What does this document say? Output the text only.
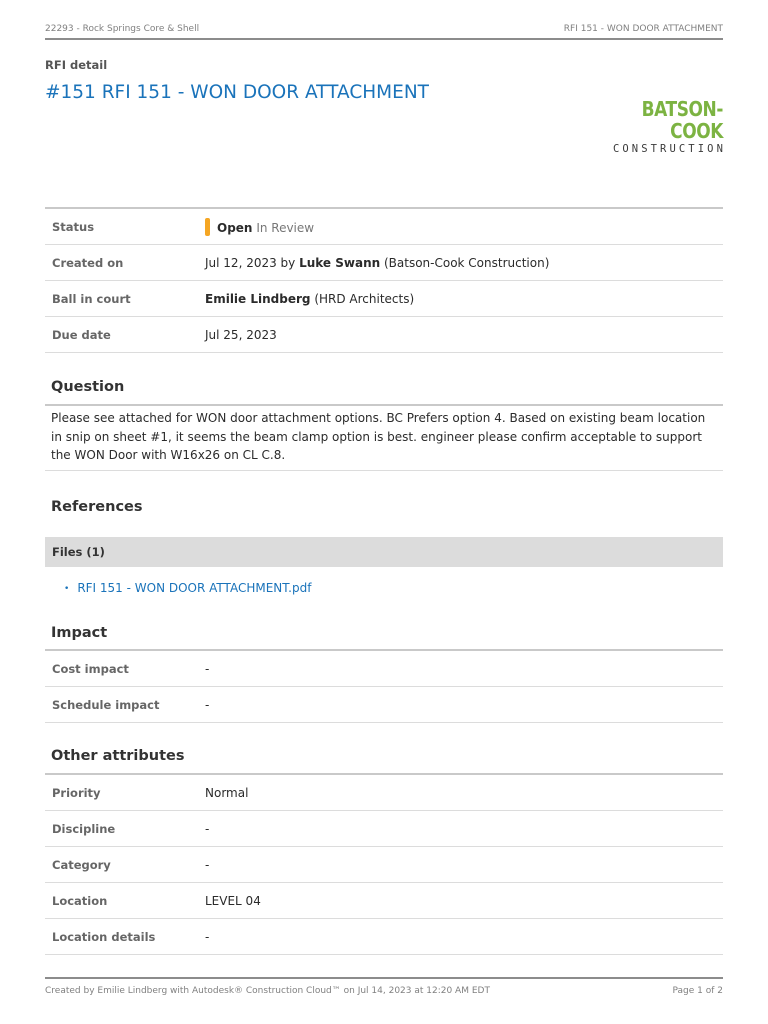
22293 - Rock Springs Core & Shell	RFI 151 - WON DOOR ATTACHMENT
RFI detail
#151 RFI 151 - WON DOOR ATTACHMENT
BATSON-COOK
CONSTRUCTION
Status	Open In Review
Created on	Jul 12, 2023 by Luke Swann (Batson-Cook Construction)
Ball in court	Emilie Lindberg (HRD Architects)
Due date	Jul 25, 2023
Question
Please see attached for WON door attachment options. BC Prefers option 4. Based on existing beam location in snip on sheet #1, it seems the beam clamp option is best. engineer please confirm acceptable to support the WON Door with W16x26 on CL C.8.
References
Files (1)
• RFI 151 - WON DOOR ATTACHMENT.pdf
Impact
Cost impact	-
Schedule impact	-
Other attributes
Priority	Normal
Discipline	-
Category	-
Location	LEVEL 04
Location details	-
Created by Emilie Lindberg with Autodesk® Construction Cloud™ on Jul 14, 2023 at 12:20 AM EDT	Page 1 of 2
